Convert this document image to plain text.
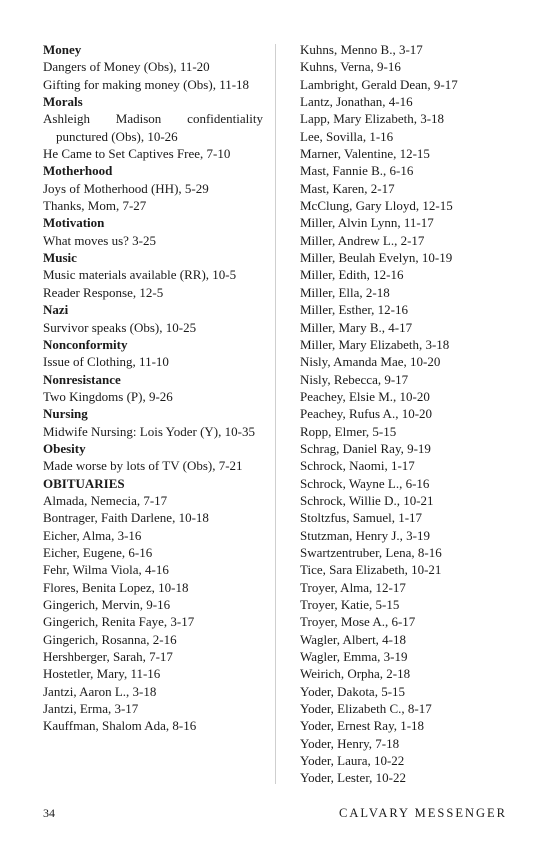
Money
Dangers of Money (Obs), 11-20
Gifting for making money (Obs), 11-18
Morals
Ashleigh Madison confidentiality punctured (Obs), 10-26
He Came to Set Captives Free, 7-10
Motherhood
Joys of Motherhood (HH), 5-29
Thanks, Mom, 7-27
Motivation
What moves us? 3-25
Music
Music materials available (RR), 10-5
Reader Response, 12-5
Nazi
Survivor speaks (Obs), 10-25
Nonconformity
Issue of Clothing, 11-10
Nonresistance
Two Kingdoms (P), 9-26
Nursing
Midwife Nursing: Lois Yoder (Y), 10-35
Obesity
Made worse by lots of TV (Obs), 7-21
OBITUARIES
Almada, Nemecia, 7-17
Bontrager, Faith Darlene, 10-18
Eicher, Alma, 3-16
Eicher, Eugene, 6-16
Fehr, Wilma Viola, 4-16
Flores, Benita Lopez, 10-18
Gingerich, Mervin, 9-16
Gingerich, Renita Faye, 3-17
Gingerich, Rosanna, 2-16
Hershberger, Sarah, 7-17
Hostetler, Mary, 11-16
Jantzi, Aaron L., 3-18
Jantzi, Erma, 3-17
Kauffman, Shalom Ada, 8-16
Kuhns, Menno B., 3-17
Kuhns, Verna, 9-16
Lambright, Gerald Dean, 9-17
Lantz, Jonathan, 4-16
Lapp, Mary Elizabeth, 3-18
Lee, Sovilla, 1-16
Marner, Valentine, 12-15
Mast, Fannie B., 6-16
Mast, Karen, 2-17
McClung, Gary Lloyd, 12-15
Miller, Alvin Lynn, 11-17
Miller, Andrew L., 2-17
Miller, Beulah Evelyn, 10-19
Miller, Edith, 12-16
Miller, Ella, 2-18
Miller, Esther, 12-16
Miller, Mary B., 4-17
Miller, Mary Elizabeth, 3-18
Nisly, Amanda Mae, 10-20
Nisly, Rebecca, 9-17
Peachey, Elsie M., 10-20
Peachey, Rufus A., 10-20
Ropp, Elmer, 5-15
Schrag, Daniel Ray, 9-19
Schrock, Naomi, 1-17
Schrock, Wayne L., 6-16
Schrock, Willie D., 10-21
Stoltzfus, Samuel, 1-17
Stutzman, Henry J., 3-19
Swartzentruber, Lena, 8-16
Tice, Sara Elizabeth, 10-21
Troyer, Alma, 12-17
Troyer, Katie, 5-15
Troyer, Mose A., 6-17
Wagler, Albert, 4-18
Wagler, Emma, 3-19
Weirich, Orpha, 2-18
Yoder, Dakota, 5-15
Yoder, Elizabeth C., 8-17
Yoder, Ernest Ray, 1-18
Yoder, Henry, 7-18
Yoder, Laura, 10-22
Yoder, Lester, 10-22
34	CALVARY MESSENGER
